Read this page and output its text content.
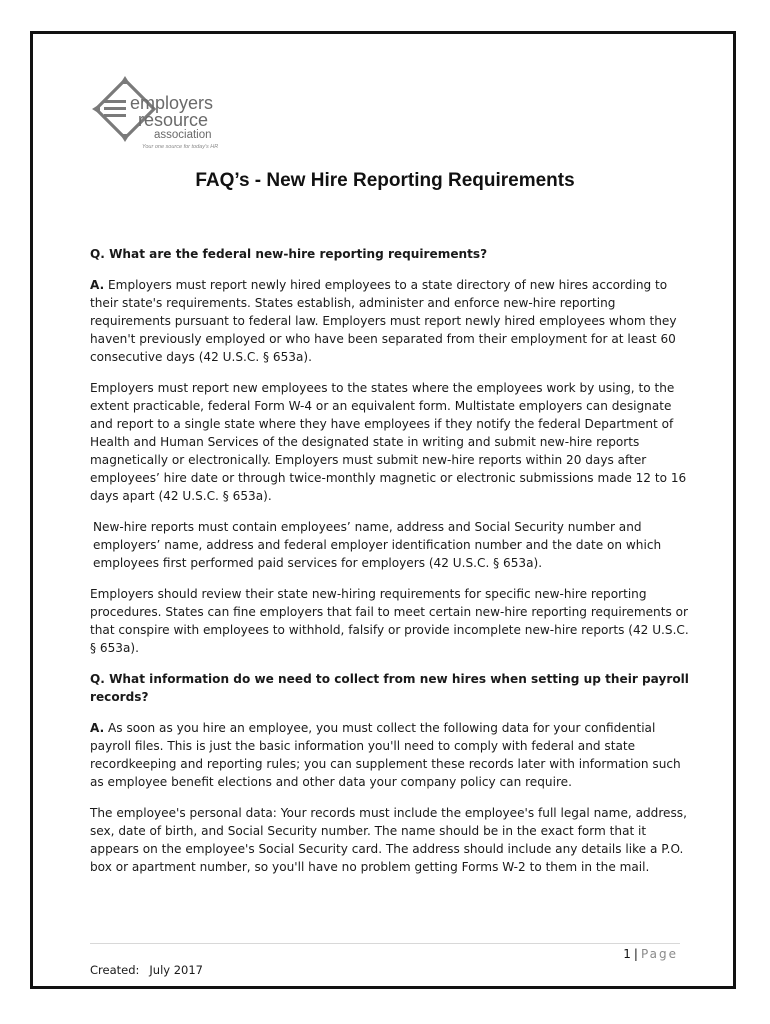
employers
resource
association
Your one source for today's HR
FAQ’s - New Hire Reporting Requirements

Q. What are the federal new-hire reporting requirements?

A. Employers must report newly hired employees to a state directory of new hires according to their state's requirements. States establish, administer and enforce new-hire reporting requirements pursuant to federal law. Employers must report newly hired employees whom they haven't previously employed or who have been separated from their employment for at least 60 consecutive days (42 U.S.C. § 653a).

Employers must report new employees to the states where the employees work by using, to the extent practicable, federal Form W-4 or an equivalent form. Multistate employers can designate and report to a single state where they have employees if they notify the federal Department of Health and Human Services of the designated state in writing and submit new-hire reports magnetically or electronically. Employers must submit new-hire reports within 20 days after employees’ hire date or through twice-monthly magnetic or electronic submissions made 12 to 16 days apart (42 U.S.C. § 653a).

New-hire reports must contain employees’ name, address and Social Security number and employers’ name, address and federal employer identification number and the date on which employees first performed paid services for employers (42 U.S.C. § 653a).

Employers should review their state new-hiring requirements for specific new-hire reporting procedures. States can fine employers that fail to meet certain new-hire reporting requirements or that conspire with employees to withhold, falsify or provide incomplete new-hire reports (42 U.S.C. § 653a).

Q. What information do we need to collect from new hires when setting up their payroll records?

A. As soon as you hire an employee, you must collect the following data for your confidential payroll files. This is just the basic information you'll need to comply with federal and state recordkeeping and reporting rules; you can supplement these records later with information such as employee benefit elections and other data your company policy can require.

The employee's personal data: Your records must include the employee's full legal name, address, sex, date of birth, and Social Security number. The name should be in the exact form that it appears on the employee's Social Security card. The address should include any details like a P.O. box or apartment number, so you'll have no problem getting Forms W-2 to them in the mail.

1 | Page
Created: July 2017
